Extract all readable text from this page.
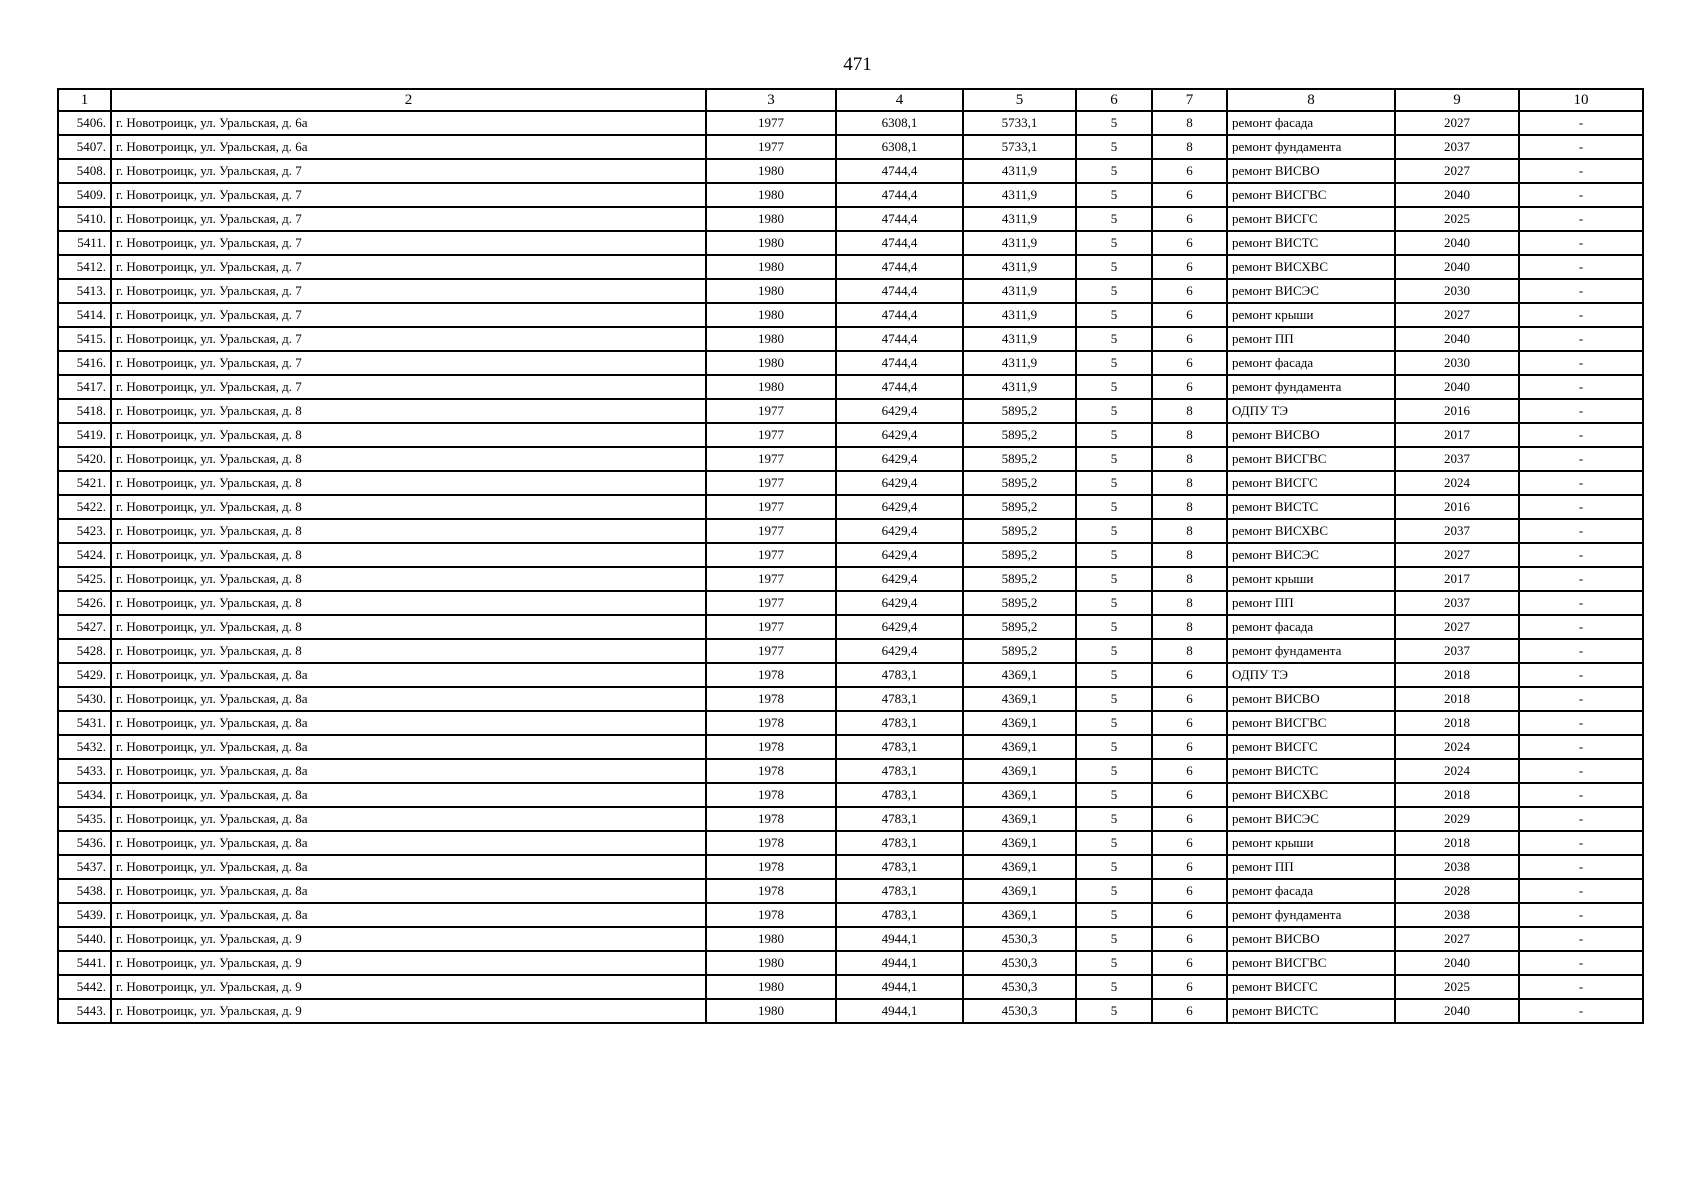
471
1	2	3	4	5	6	7	8	9	10
5406.	г. Новотроицк, ул. Уральская, д. 6а	1977	6308,1	5733,1	5	8	ремонт фасада	2027	-
5407.	г. Новотроицк, ул. Уральская, д. 6а	1977	6308,1	5733,1	5	8	ремонт фундамента	2037	-
5408.	г. Новотроицк, ул. Уральская, д. 7	1980	4744,4	4311,9	5	6	ремонт ВИСВО	2027	-
5409.	г. Новотроицк, ул. Уральская, д. 7	1980	4744,4	4311,9	5	6	ремонт ВИСГВС	2040	-
5410.	г. Новотроицк, ул. Уральская, д. 7	1980	4744,4	4311,9	5	6	ремонт ВИСГС	2025	-
5411.	г. Новотроицк, ул. Уральская, д. 7	1980	4744,4	4311,9	5	6	ремонт ВИСТС	2040	-
5412.	г. Новотроицк, ул. Уральская, д. 7	1980	4744,4	4311,9	5	6	ремонт ВИСХВС	2040	-
5413.	г. Новотроицк, ул. Уральская, д. 7	1980	4744,4	4311,9	5	6	ремонт ВИСЭС	2030	-
5414.	г. Новотроицк, ул. Уральская, д. 7	1980	4744,4	4311,9	5	6	ремонт крыши	2027	-
5415.	г. Новотроицк, ул. Уральская, д. 7	1980	4744,4	4311,9	5	6	ремонт ПП	2040	-
5416.	г. Новотроицк, ул. Уральская, д. 7	1980	4744,4	4311,9	5	6	ремонт фасада	2030	-
5417.	г. Новотроицк, ул. Уральская, д. 7	1980	4744,4	4311,9	5	6	ремонт фундамента	2040	-
5418.	г. Новотроицк, ул. Уральская, д. 8	1977	6429,4	5895,2	5	8	ОДПУ ТЭ	2016	-
5419.	г. Новотроицк, ул. Уральская, д. 8	1977	6429,4	5895,2	5	8	ремонт ВИСВО	2017	-
5420.	г. Новотроицк, ул. Уральская, д. 8	1977	6429,4	5895,2	5	8	ремонт ВИСГВС	2037	-
5421.	г. Новотроицк, ул. Уральская, д. 8	1977	6429,4	5895,2	5	8	ремонт ВИСГС	2024	-
5422.	г. Новотроицк, ул. Уральская, д. 8	1977	6429,4	5895,2	5	8	ремонт ВИСТС	2016	-
5423.	г. Новотроицк, ул. Уральская, д. 8	1977	6429,4	5895,2	5	8	ремонт ВИСХВС	2037	-
5424.	г. Новотроицк, ул. Уральская, д. 8	1977	6429,4	5895,2	5	8	ремонт ВИСЭС	2027	-
5425.	г. Новотроицк, ул. Уральская, д. 8	1977	6429,4	5895,2	5	8	ремонт крыши	2017	-
5426.	г. Новотроицк, ул. Уральская, д. 8	1977	6429,4	5895,2	5	8	ремонт ПП	2037	-
5427.	г. Новотроицк, ул. Уральская, д. 8	1977	6429,4	5895,2	5	8	ремонт фасада	2027	-
5428.	г. Новотроицк, ул. Уральская, д. 8	1977	6429,4	5895,2	5	8	ремонт фундамента	2037	-
5429.	г. Новотроицк, ул. Уральская, д. 8а	1978	4783,1	4369,1	5	6	ОДПУ ТЭ	2018	-
5430.	г. Новотроицк, ул. Уральская, д. 8а	1978	4783,1	4369,1	5	6	ремонт ВИСВО	2018	-
5431.	г. Новотроицк, ул. Уральская, д. 8а	1978	4783,1	4369,1	5	6	ремонт ВИСГВС	2018	-
5432.	г. Новотроицк, ул. Уральская, д. 8а	1978	4783,1	4369,1	5	6	ремонт ВИСГС	2024	-
5433.	г. Новотроицк, ул. Уральская, д. 8а	1978	4783,1	4369,1	5	6	ремонт ВИСТС	2024	-
5434.	г. Новотроицк, ул. Уральская, д. 8а	1978	4783,1	4369,1	5	6	ремонт ВИСХВС	2018	-
5435.	г. Новотроицк, ул. Уральская, д. 8а	1978	4783,1	4369,1	5	6	ремонт ВИСЭС	2029	-
5436.	г. Новотроицк, ул. Уральская, д. 8а	1978	4783,1	4369,1	5	6	ремонт крыши	2018	-
5437.	г. Новотроицк, ул. Уральская, д. 8а	1978	4783,1	4369,1	5	6	ремонт ПП	2038	-
5438.	г. Новотроицк, ул. Уральская, д. 8а	1978	4783,1	4369,1	5	6	ремонт фасада	2028	-
5439.	г. Новотроицк, ул. Уральская, д. 8а	1978	4783,1	4369,1	5	6	ремонт фундамента	2038	-
5440.	г. Новотроицк, ул. Уральская, д. 9	1980	4944,1	4530,3	5	6	ремонт ВИСВО	2027	-
5441.	г. Новотроицк, ул. Уральская, д. 9	1980	4944,1	4530,3	5	6	ремонт ВИСГВС	2040	-
5442.	г. Новотроицк, ул. Уральская, д. 9	1980	4944,1	4530,3	5	6	ремонт ВИСГС	2025	-
5443.	г. Новотроицк, ул. Уральская, д. 9	1980	4944,1	4530,3	5	6	ремонт ВИСТС	2040	-
